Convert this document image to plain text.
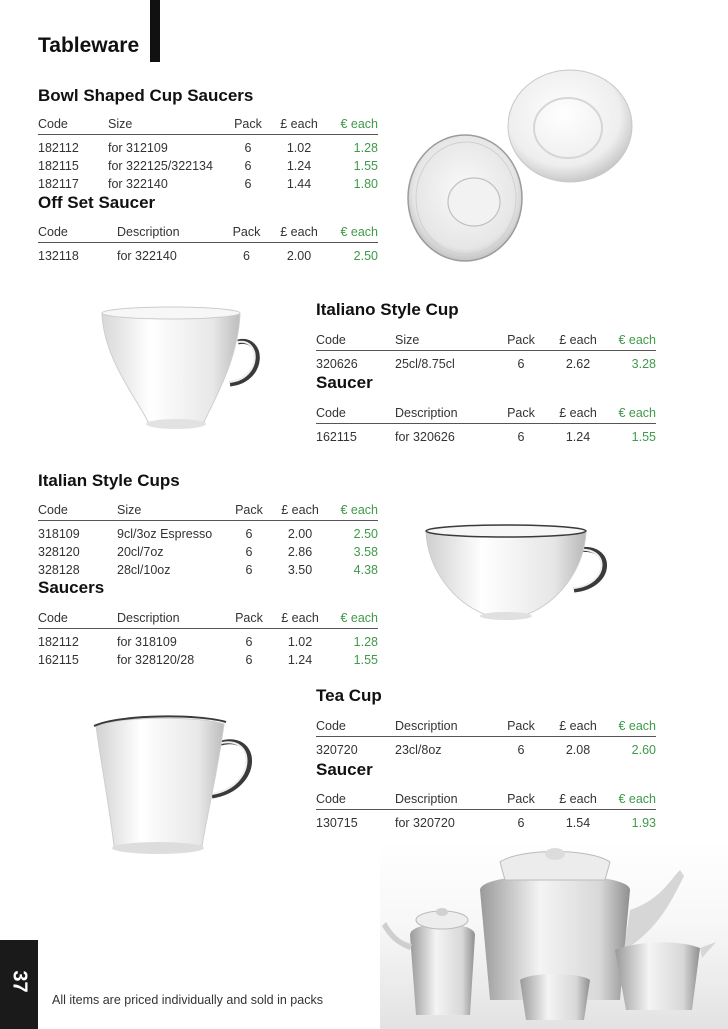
Tableware
Bowl Shaped Cup Saucers
Code	Size	Pack	£ each	€ each
182112	for 312109	6	1.02	1.28
182115	for 322125/322134	6	1.24	1.55
182117	for 322140	6	1.44	1.80
Off Set Saucer
Code	Description	Pack	£ each	€ each
132118	for 322140	6	2.00	2.50
Italiano Style Cup
Code	Size	Pack	£ each	€ each
320626	25cl/8.75cl	6	2.62	3.28
Saucer
Code	Description	Pack	£ each	€ each
162115	for 320626	6	1.24	1.55
Italian Style Cups
Code	Size	Pack	£ each	€ each
318109	9cl/3oz Espresso	6	2.00	2.50
328120	20cl/7oz	6	2.86	3.58
328128	28cl/10oz	6	3.50	4.38
Saucers
Code	Description	Pack	£ each	€ each
182112	for 318109	6	1.02	1.28
162115	for 328120/28	6	1.24	1.55
Tea Cup
Code	Description	Pack	£ each	€ each
320720	23cl/8oz	6	2.08	2.60
Saucer
Code	Description	Pack	£ each	€ each
130715	for 320720	6	1.54	1.93
37
All items are priced individually and sold in packs
